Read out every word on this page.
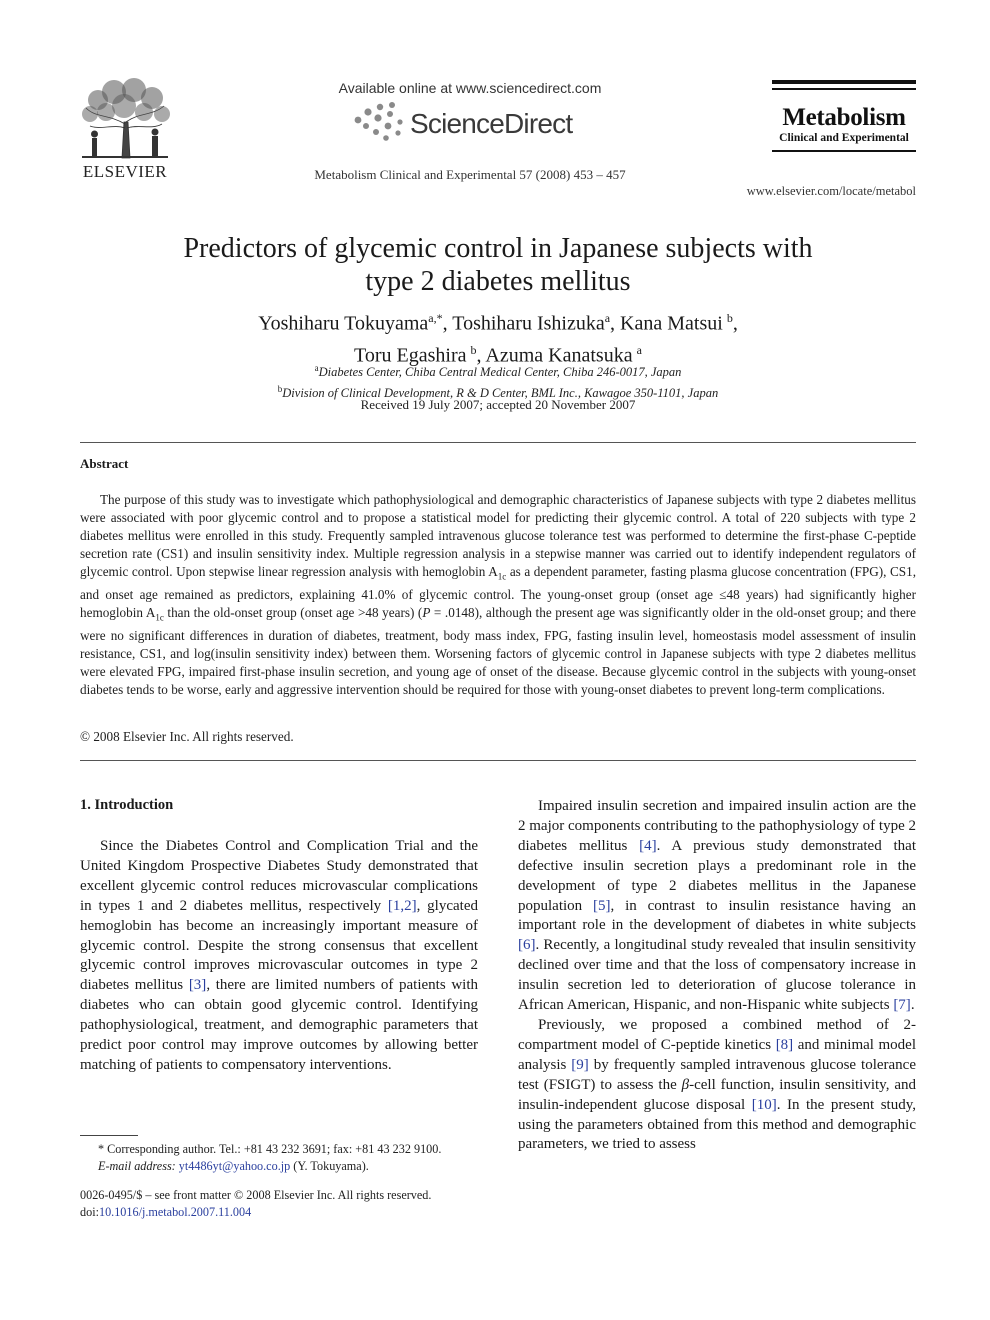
ELSEVIER
Available online at www.sciencedirect.com
ScienceDirect
Metabolism Clinical and Experimental 57 (2008) 453 – 457
Metabolism
Clinical and Experimental
www.elsevier.com/locate/metabol
Predictors of glycemic control in Japanese subjects with
type 2 diabetes mellitus
Yoshiharu Tokuyama$^{a,*}$, Toshiharu Ishizuka$^a$, Kana Matsui  $^b$,
Toru Egashira  $^b$, Azuma Kanatsuka  $^a$
$^a$Diabetes Center, Chiba Central Medical Center, Chiba 246-0017, Japan
$^b$Division of Clinical Development, R & D Center, BML Inc., Kawagoe 350-1101, Japan
Received 19 July 2007; accepted 20 November 2007
Abstract
The purpose of this study was to investigate which pathophysiological and demographic characteristics of Japanese subjects with type 2 diabetes mellitus were associated with poor glycemic control and to propose a statistical model for predicting their glycemic control. A total of 220 subjects with type 2 diabetes mellitus were enrolled in this study. Frequently sampled intravenous glucose tolerance test was performed to determine the first-phase C-peptide secretion rate (CS1) and insulin sensitivity index. Multiple regression analysis in a stepwise manner was carried out to identify independent regulators of glycemic control. Upon stepwise linear regression analysis with hemoglobin $A_{1c}$ as a dependent parameter, fasting plasma glucose concentration (FPG), CS1, and onset age remained as predictors, explaining 41.0% of glycemic control. The young-onset group (onset age ≤48 years) had significantly higher hemoglobin $A_{1c}$ than the old-onset group (onset age >48 years) (P = .0148), although the present age was significantly older in the old-onset group; and there were no significant differences in duration of diabetes, treatment, body mass index, FPG, fasting insulin level, homeostasis model assessment of insulin resistance, CS1, and log(insulin sensitivity index) between them. Worsening factors of glycemic control in Japanese subjects with type 2 diabetes mellitus were elevated FPG, impaired first-phase insulin secretion, and young age of onset of the disease. Because glycemic control in the subjects with young-onset diabetes tends to be worse, early and aggressive intervention should be required for those with young-onset diabetes to prevent long-term complications.
© 2008 Elsevier Inc. All rights reserved.
1. Introduction

Since the Diabetes Control and Complication Trial and the United Kingdom Prospective Diabetes Study demonstrated that excellent glycemic control reduces microvascular complications in types 1 and 2 diabetes mellitus, respectively [1,2], glycated hemoglobin has become an increasingly important measure of glycemic control. Despite the strong consensus that excellent glycemic control improves microvascular outcomes in type 2 diabetes mellitus [3], there are limited numbers of patients with diabetes who can obtain good glycemic control. Identifying pathophysiological, treatment, and demographic parameters that predict poor control may improve outcomes by allowing better matching of patients to compensatory interventions.

Impaired insulin secretion and impaired insulin action are the 2 major components contributing to the pathophysiology of type 2 diabetes mellitus [4]. A previous study demonstrated that defective insulin secretion plays a predominant role in the development of type 2 diabetes mellitus in the Japanese population [5], in contrast to insulin resistance having an important role in the development of diabetes in white subjects [6]. Recently, a longitudinal study revealed that insulin sensitivity declined over time and that the loss of compensatory increase in insulin secretion led to deterioration of glucose tolerance in African American, Hispanic, and non-Hispanic white subjects [7].

Previously, we proposed a combined method of 2-compartment model of C-peptide kinetics [8] and minimal model analysis [9] by frequently sampled intravenous glucose tolerance test (FSIGT) to assess the β-cell function, insulin sensitivity, and insulin-independent glucose disposal [10]. In the present study, using the parameters obtained from this method and demographic parameters, we tried to assess

* Corresponding author. Tel.: +81 43 232 3691; fax: +81 43 232 9100.
E-mail address: yt4486yt@yahoo.co.jp (Y. Tokuyama).
0026-0495/$ – see front matter © 2008 Elsevier Inc. All rights reserved.
doi:10.1016/j.metabol.2007.11.004
